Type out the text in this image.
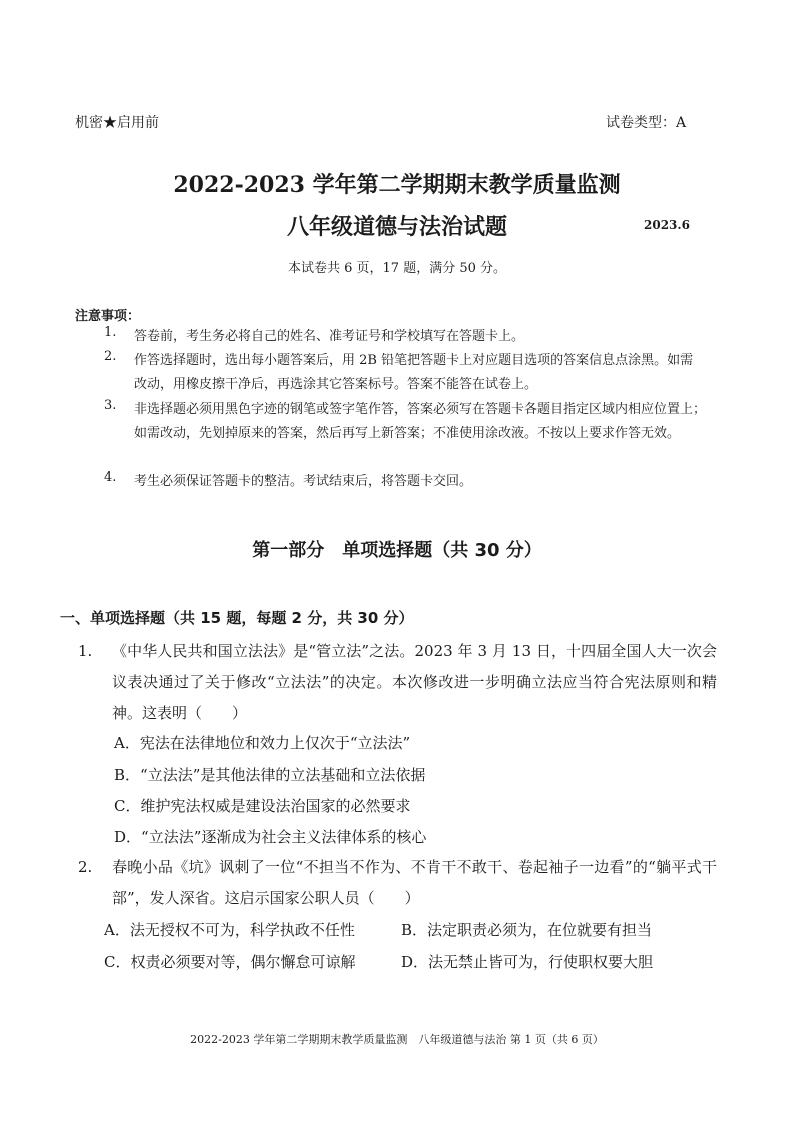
机密★启用前	试卷类型：A
2022-2023 学年第二学期期末教学质量监测
八年级道德与法治试题	2023.6
本试卷共 6 页，17 题，满分 50 分。
注意事项：
1. 答卷前，考生务必将自己的姓名、准考证号和学校填写在答题卡上。
2. 作答选择题时，选出每小题答案后，用 2B 铅笔把答题卡上对应题目选项的答案信息点涂黑。如需改动，用橡皮擦干净后，再选涂其它答案标号。答案不能答在试卷上。
3. 非选择题必须用黑色字迹的钢笔或签字笔作答，答案必须写在答题卡各题目指定区域内相应位置上；如需改动，先划掉原来的答案，然后再写上新答案；不准使用涂改液。不按以上要求作答无效。
4. 考生必须保证答题卡的整洁。考试结束后，将答题卡交回。
第一部分　单项选择题（共 30 分）
一、单项选择题（共 15 题，每题 2 分，共 30 分）
1. 《中华人民共和国立法法》是“管立法”之法。2023 年 3 月 13 日，十四届全国人大一次会议表决通过了关于修改“立法法”的决定。本次修改进一步明确立法应当符合宪法原则和精神。这表明（　　）
A．宪法在法律地位和效力上仅次于“立法法”
B．“立法法”是其他法律的立法基础和立法依据
C．维护宪法权威是建设法治国家的必然要求
D．“立法法”逐渐成为社会主义法律体系的核心
2. 春晚小品《坑》讽刺了一位“不担当不作为、不肯干不敢干、卷起袖子一边看”的“躺平式干部”，发人深省。这启示国家公职人员（　　）
A．法无授权不可为，科学执政不任性	B．法定职责必须为，在位就要有担当
C．权责必须要对等，偶尔懈怠可谅解	D．法无禁止皆可为，行使职权要大胆
2022-2023 学年第二学期期末教学质量监测　八年级道德与法治 第 1 页（共 6 页）
